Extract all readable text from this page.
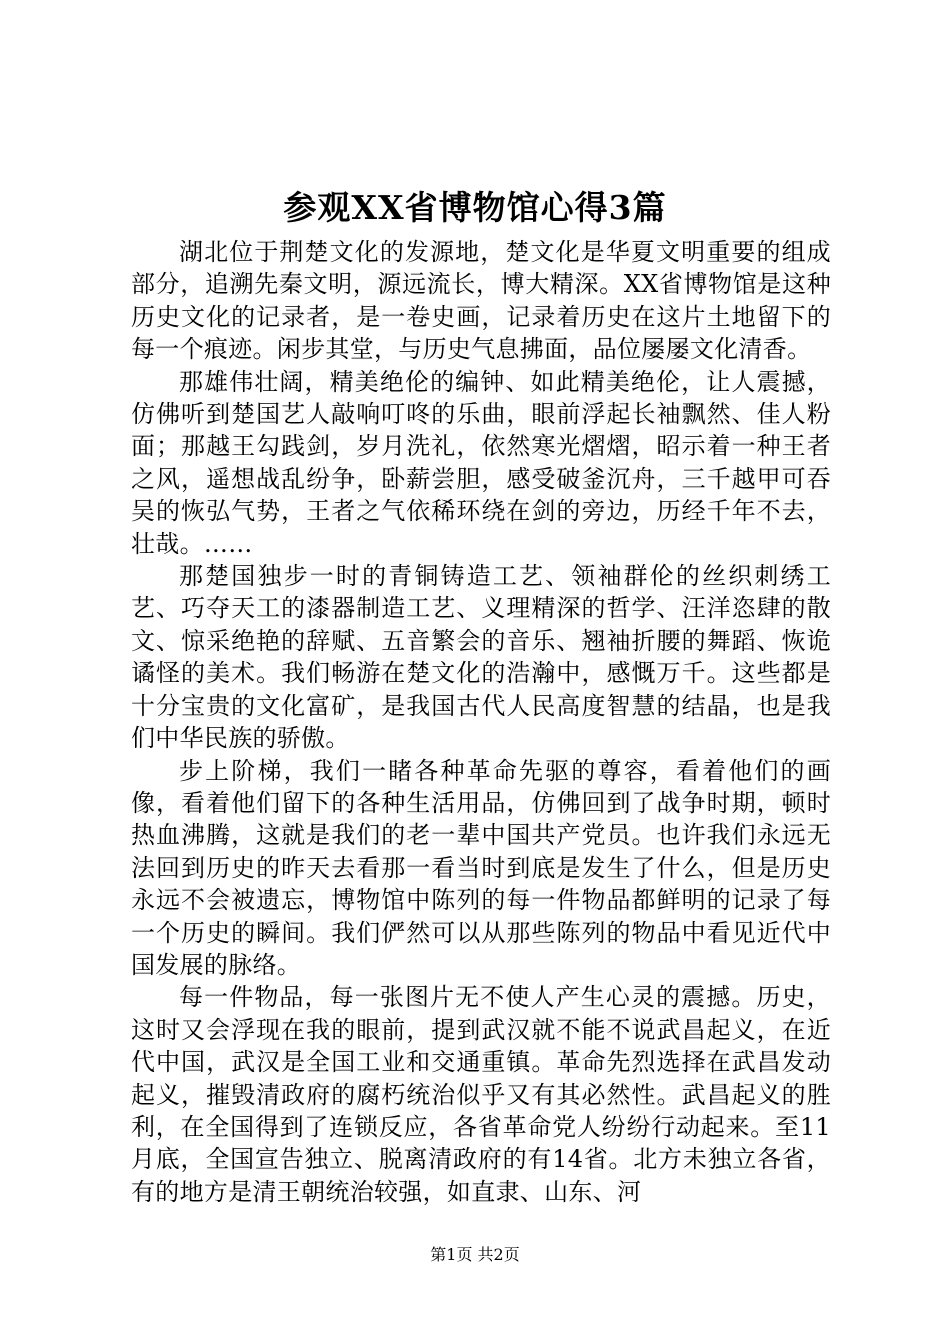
参观XX省博物馆心得3篇

湖北位于荆楚文化的发源地，楚文化是华夏文明重要的组成部分，追溯先秦文明，源远流长，博大精深。XX省博物馆是这种历史文化的记录者，是一卷史画，记录着历史在这片土地留下的每一个痕迹。闲步其堂，与历史气息拂面，品位屡屡文化清香。

那雄伟壮阔，精美绝伦的编钟、如此精美绝伦，让人震撼，仿佛听到楚国艺人敲响叮咚的乐曲，眼前浮起长袖飘然、佳人粉面；那越王勾践剑，岁月洗礼，依然寒光熠熠，昭示着一种王者之风，遥想战乱纷争，卧薪尝胆，感受破釜沉舟，三千越甲可吞吴的恢弘气势，王者之气依稀环绕在剑的旁边，历经千年不去，壮哉。……

那楚国独步一时的青铜铸造工艺、领袖群伦的丝织刺绣工艺、巧夺天工的漆器制造工艺、义理精深的哲学、汪洋恣肆的散文、惊采绝艳的辞赋、五音繁会的音乐、翘袖折腰的舞蹈、恢诡谲怪的美术。我们畅游在楚文化的浩瀚中，感慨万千。这些都是十分宝贵的文化富矿，是我国古代人民高度智慧的结晶，也是我们中华民族的骄傲。

步上阶梯，我们一睹各种革命先驱的尊容，看着他们的画像，看着他们留下的各种生活用品，仿佛回到了战争时期，顿时热血沸腾，这就是我们的老一辈中国共产党员。也许我们永远无法回到历史的昨天去看那一看当时到底是发生了什么，但是历史永远不会被遗忘，博物馆中陈列的每一件物品都鲜明的记录了每一个历史的瞬间。我们俨然可以从那些陈列的物品中看见近代中国发展的脉络。

每一件物品，每一张图片无不使人产生心灵的震撼。历史，这时又会浮现在我的眼前，提到武汉就不能不说武昌起义，在近代中国，武汉是全国工业和交通重镇。革命先烈选择在武昌发动起义，摧毁清政府的腐朽统治似乎又有其必然性。武昌起义的胜利，在全国得到了连锁反应，各省革命党人纷纷行动起来。至11月底，全国宣告独立、脱离清政府的有14省。北方未独立各省，有的地方是清王朝统治较强，如直隶、山东、河

第1页 共2页
